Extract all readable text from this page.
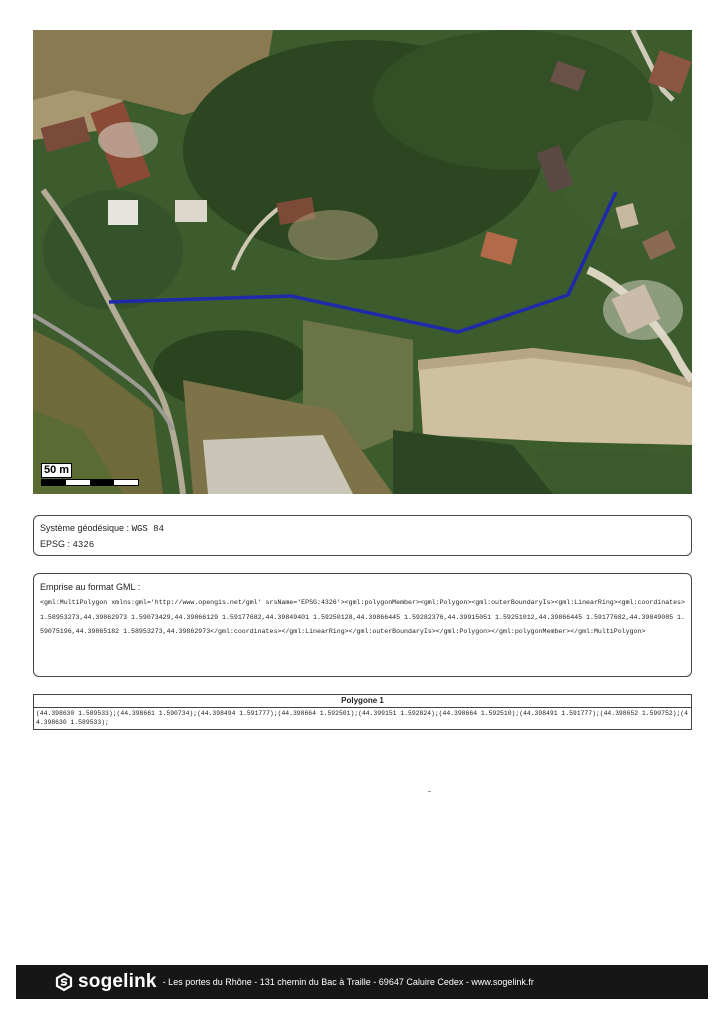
50 m
Système géodésique : WGS 84
EPSG : 4326
Emprise au format GML :
<gml:MultiPolygon xmlns:gml='http://www.opengis.net/gml' srsName='EPSG:4326'><gml:polygonMember><gml:Polygon><gml:outerBoundaryIs><gml:LinearRing><gml:coordinates>1.58953273,44.39862973 1.59073429,44.39866129 1.59177682,44.39849401 1.59250128,44.39866445 1.59282376,44.39915051 1.59251012,44.39866445 1.59177682,44.39849085 1.59075196,44.39865182 1.58953273,44.39862973</gml:coordinates></gml:LinearRing></gml:outerBoundaryIs></gml:Polygon></gml:polygonMember></gml:MultiPolygon>
Polygone 1
(44.398630 1.589533);(44.398661 1.590734);(44.398494 1.591777);(44.398664 1.592501);(44.399151 1.592824);(44.398664 1.592510);(44.398491 1.591777);(44.398652 1.590752);(44.398630 1.589533);
sogelink - Les portes du Rhône - 131 chemin du Bac à Traille - 69647 Caluire Cedex - www.sogelink.fr
